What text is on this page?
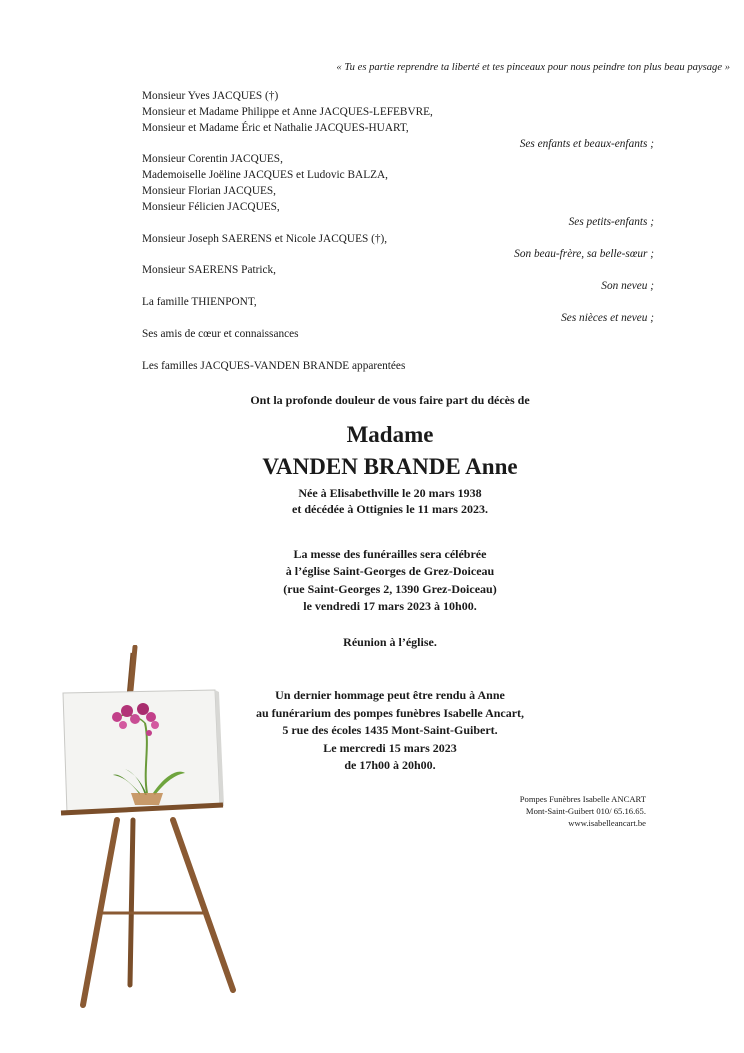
« Tu es partie reprendre ta liberté et tes pinceaux pour nous peindre ton plus beau paysage »
Monsieur Yves JACQUES (†)
Monsieur et Madame Philippe et Anne JACQUES-LEFEBVRE,
Monsieur et Madame Éric et Nathalie JACQUES-HUART,
Ses enfants et beaux-enfants ;
Monsieur Corentin JACQUES,
Mademoiselle Joëline JACQUES et Ludovic BALZA,
Monsieur Florian JACQUES,
Monsieur Félicien JACQUES,
Ses petits-enfants ;
Monsieur Joseph SAERENS et Nicole JACQUES (†),
Son beau-frère, sa belle-sœur ;
Monsieur SAERENS Patrick,
Son neveu ;
La famille THIENPONT,
Ses nièces et neveu ;
Ses amis de cœur et connaissances
Les familles JACQUES-VANDEN BRANDE apparentées
Ont la profonde douleur de vous faire part du décès de
Madame
VANDEN BRANDE Anne
Née à Elisabethville le 20 mars 1938
et décédée à Ottignies le 11 mars 2023.
La messe des funérailles sera célébrée
à l’église Saint-Georges de Grez-Doiceau
(rue Saint-Georges 2, 1390 Grez-Doiceau)
le vendredi 17 mars 2023 à 10h00.
Réunion à l’église.
Un dernier hommage peut être rendu à Anne
au funérarium des pompes funèbres Isabelle Ancart,
5 rue des écoles 1435 Mont-Saint-Guibert.
Le mercredi 15 mars 2023
de 17h00 à 20h00.
Pompes Funèbres Isabelle ANCART
Mont-Saint-Guibert 010/ 65.16.65.
www.isabelleancart.be
